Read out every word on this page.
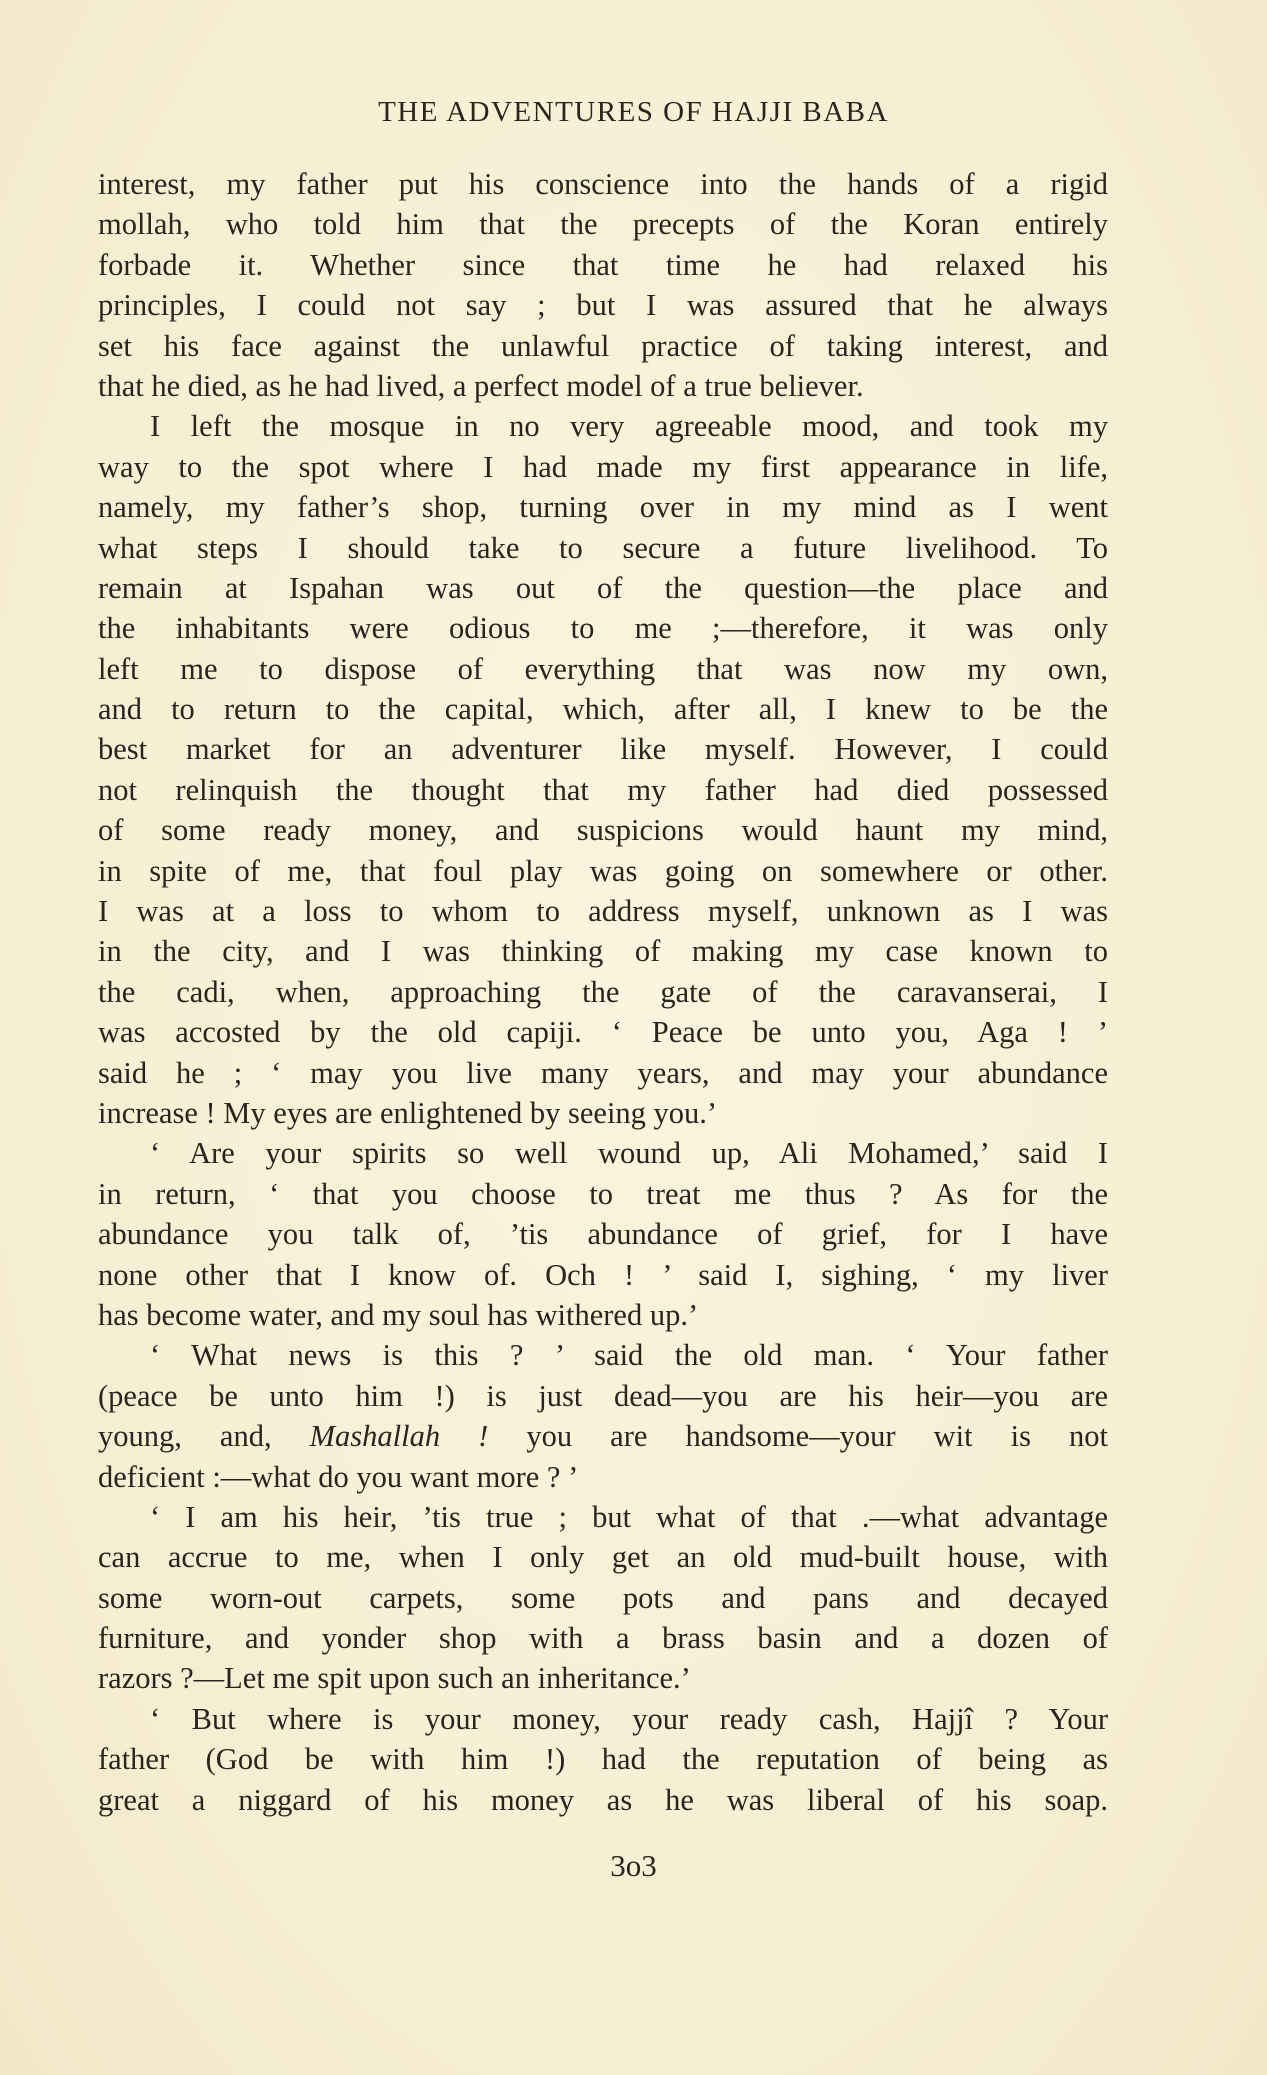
THE ADVENTURES OF HAJJI BABA
interest, my father put his conscience into the hands of a rigid
mollah, who told him that the precepts of the Koran entirely
forbade it. Whether since that time he had relaxed his
principles, I could not say ; but I was assured that he always
set his face against the unlawful practice of taking interest, and
that he died, as he had lived, a perfect model of a true believer.
I left the mosque in no very agreeable mood, and took my
way to the spot where I had made my first appearance in life,
namely, my father’s shop, turning over in my mind as I went
what steps I should take to secure a future livelihood. To
remain at Ispahan was out of the question—the place and
the inhabitants were odious to me ;—therefore, it was only
left me to dispose of everything that was now my own,
and to return to the capital, which, after all, I knew to be the
best market for an adventurer like myself. However, I could
not relinquish the thought that my father had died possessed
of some ready money, and suspicions would haunt my mind,
in spite of me, that foul play was going on somewhere or other.
I was at a loss to whom to address myself, unknown as I was
in the city, and I was thinking of making my case known to
the cadi, when, approaching the gate of the caravanserai, I
was accosted by the old capiji. ‘ Peace be unto you, Aga ! ’
said he ; ‘ may you live many years, and may your abundance
increase ! My eyes are enlightened by seeing you.’
‘ Are your spirits so well wound up, Ali Mohamed,’ said I
in return, ‘ that you choose to treat me thus ? As for the
abundance you talk of, ’tis abundance of grief, for I have
none other that I know of. Och ! ’ said I, sighing, ‘ my liver
has become water, and my soul has withered up.’
‘ What news is this ? ’ said the old man. ‘ Your father
(peace be unto him !) is just dead—you are his heir—you are
young, and, Mashallah ! you are handsome—your wit is not
deficient :—what do you want more ? ’
‘ I am his heir, ’tis true ; but what of that .—what advantage
can accrue to me, when I only get an old mud-built house, with
some worn-out carpets, some pots and pans and decayed
furniture, and yonder shop with a brass basin and a dozen of
razors ?—Let me spit upon such an inheritance.’
‘ But where is your money, your ready cash, Hajjî ? Your
father (God be with him !) had the reputation of being as
great a niggard of his money as he was liberal of his soap.
3o3
